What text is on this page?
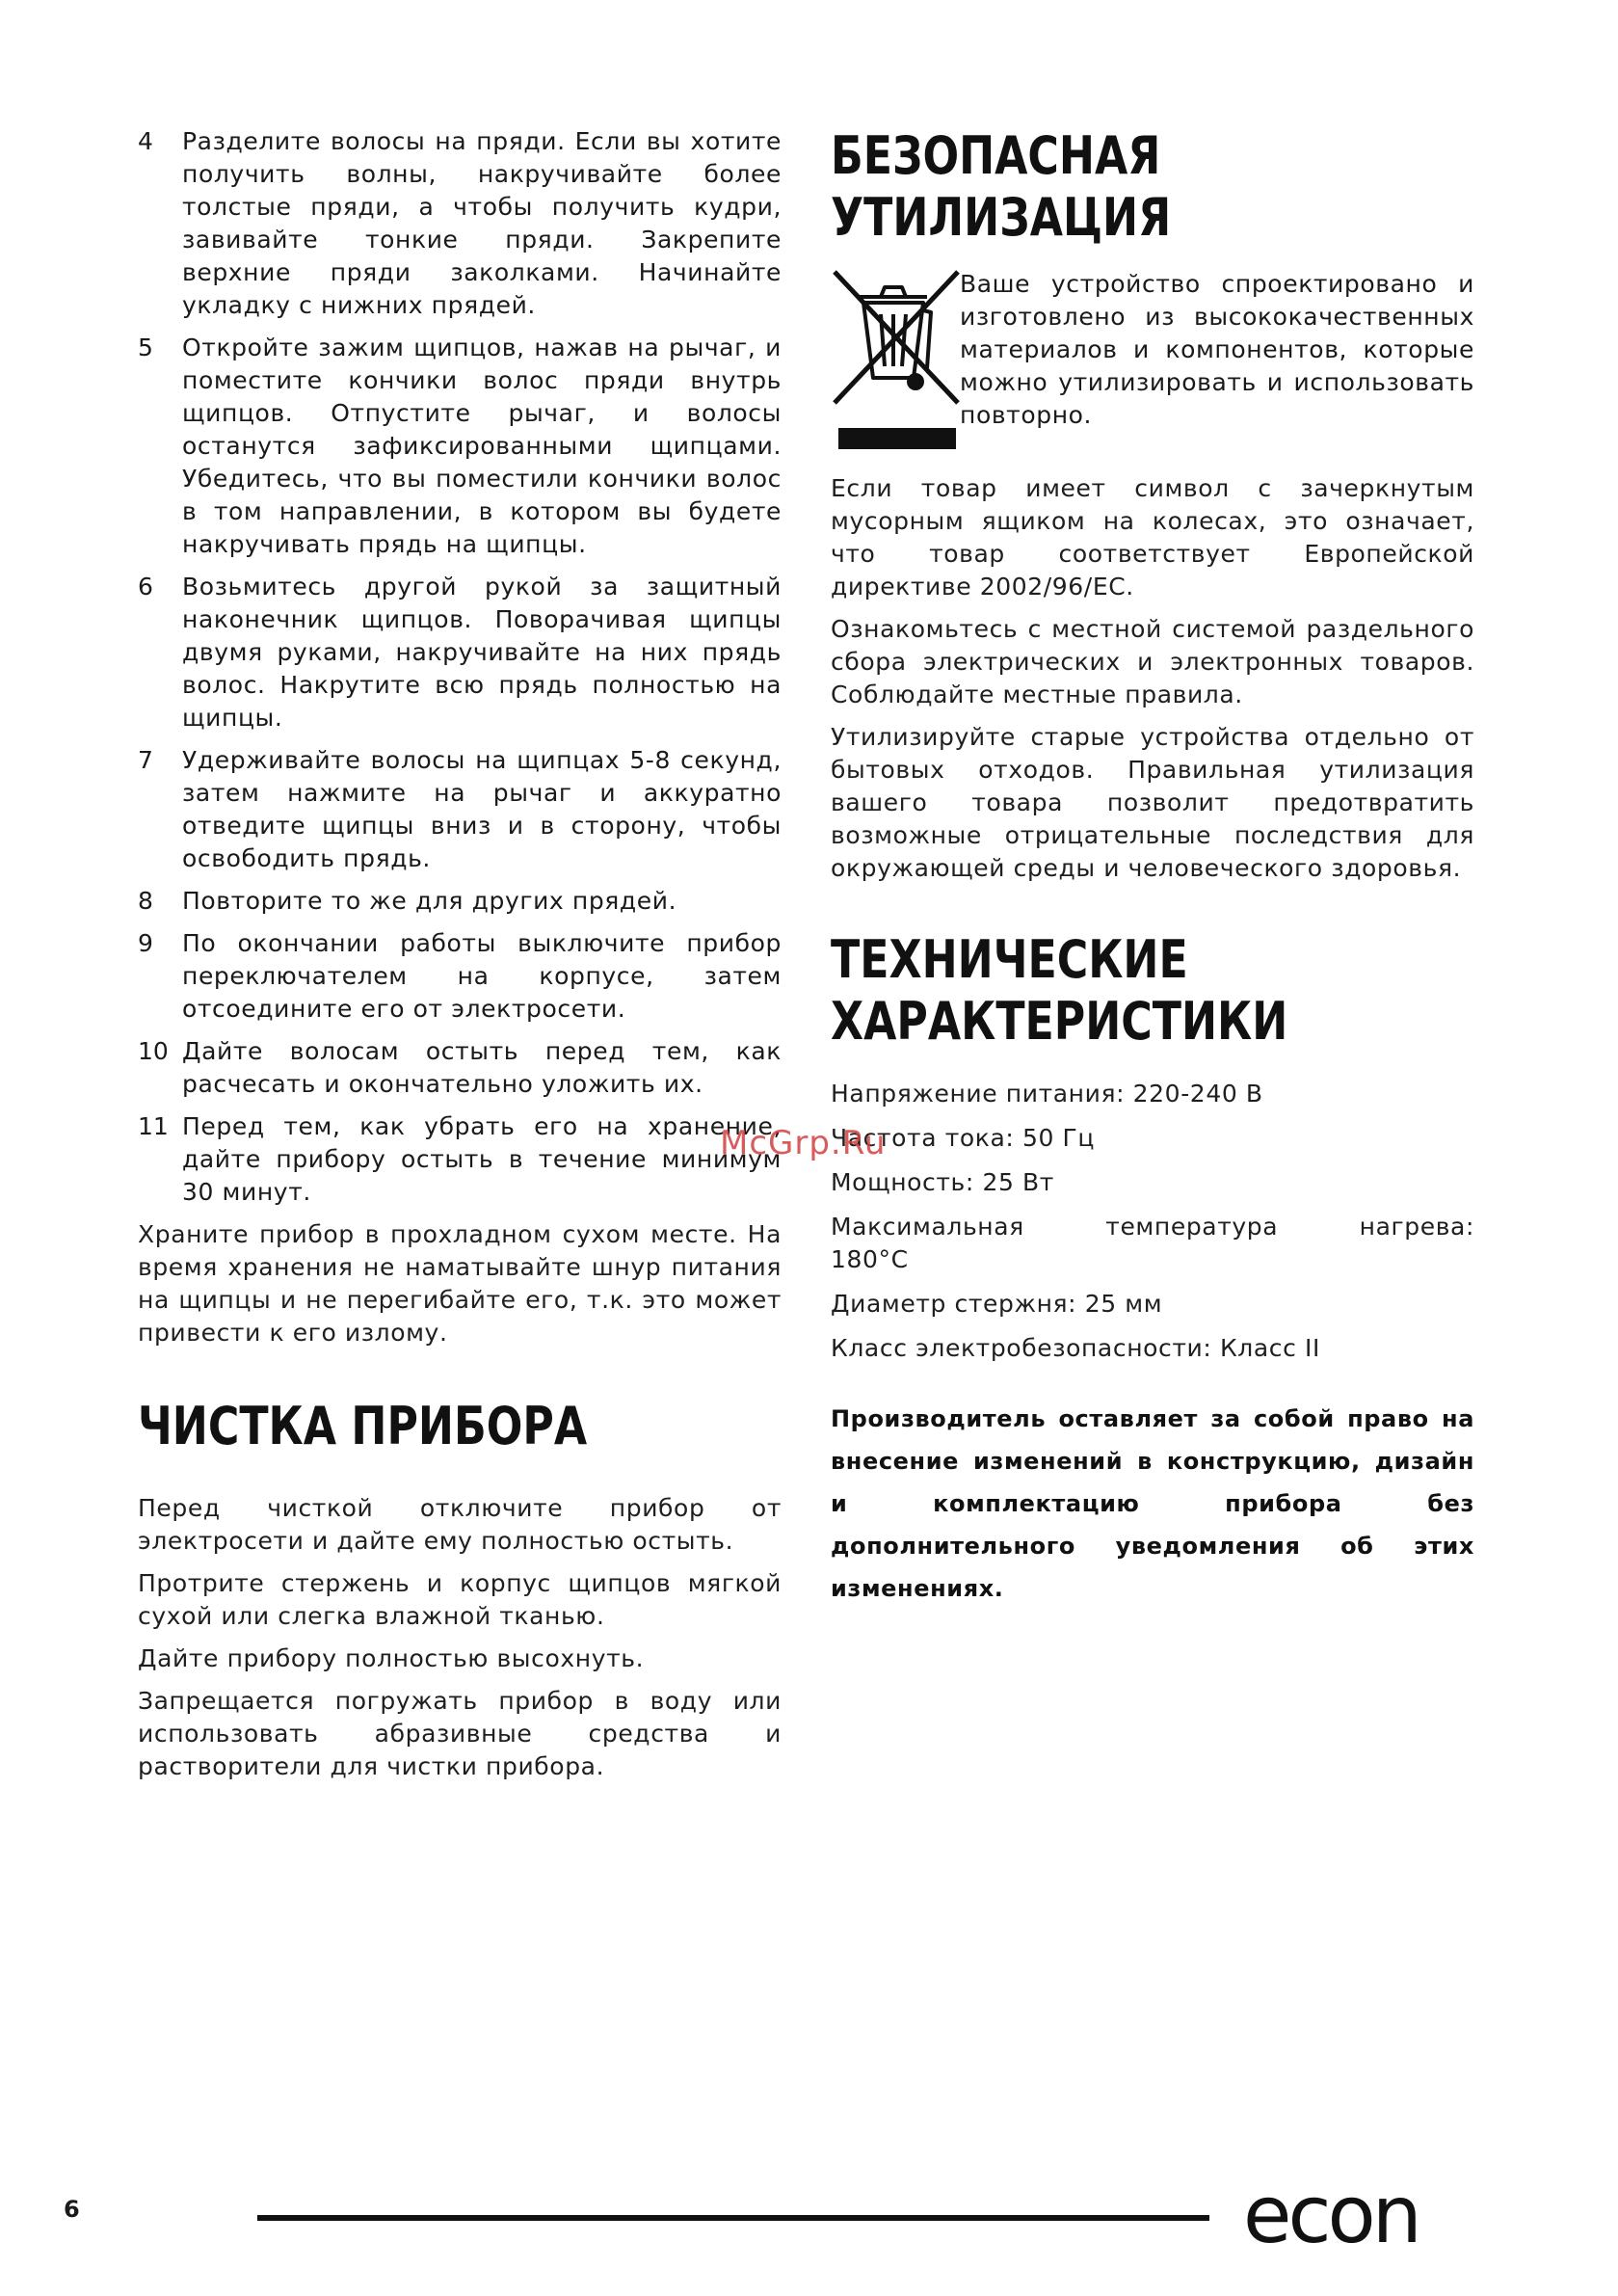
4 Разделите волосы на пряди. Если вы хотите получить волны, накручивайте более толстые пряди, а чтобы получить кудри, завивайте тонкие пряди. Закрепите верхние пряди заколками. Начинайте укладку с нижних прядей.
5 Откройте зажим щипцов, нажав на рычаг, и поместите кончики волос пряди внутрь щипцов. Отпустите рычаг, и волосы останутся зафиксированными щипцами. Убедитесь, что вы поместили кончики волос в том направлении, в котором вы будете накручивать прядь на щипцы.
6 Возьмитесь другой рукой за защитный наконечник щипцов. Поворачивая щипцы двумя руками, накручивайте на них прядь волос. Накрутите всю прядь полностью на щипцы.
7 Удерживайте волосы на щипцах 5-8 секунд, затем нажмите на рычаг и аккуратно отведите щипцы вниз и в сторону, чтобы освободить прядь.
8 Повторите то же для других прядей.
9 По окончании работы выключите прибор переключателем на корпусе, затем отсоедините его от электросети.
10 Дайте волосам остыть перед тем, как расчесать и окончательно уложить их.
11 Перед тем, как убрать его на хранение, дайте прибору остыть в течение минимум 30 минут.

Храните прибор в прохладном сухом месте. На время хранения не наматывайте шнур питания на щипцы и не перегибайте его, т.к. это может привести к его излому.

ЧИСТКА ПРИБОРА

Перед чисткой отключите прибор от электросети и дайте ему полностью остыть.

Протрите стержень и корпус щипцов мягкой сухой или слегка влажной тканью.

Дайте прибору полностью высохнуть.

Запрещается погружать прибор в воду или использовать абразивные средства и растворители для чистки прибора.

БЕЗОПАСНАЯ
УТИЛИЗАЦИЯ
Ваше устройство спроектировано и изготовлено из высококачественных материалов и компонентов, которые можно утилизировать и использовать повторно.

Если товар имеет символ с зачеркнутым мусорным ящиком на колесах, это означает, что товар соответствует Европейской директиве 2002/96/EC.

Ознакомьтесь с местной системой раздельного сбора электрических и электронных товаров. Соблюдайте местные правила.

Утилизируйте старые устройства отдельно от бытовых отходов. Правильная утилизация вашего товара позволит предотвратить возможные отрицательные последствия для окружающей среды и человеческого здоровья.

ТЕХНИЧЕСКИЕ
ХАРАКТЕРИСТИКИ

Напряжение питания: 220-240 В

Частота тока: 50 Гц

Мощность: 25 Вт

Максимальная температура нагрева:

180°C

Диаметр стержня: 25 мм

Класс электробезопасности: Класс II

Производитель оставляет за собой право на внесение изменений в конструкцию, дизайн и комплектацию прибора без дополнительного уведомления об этих изменениях.

McGrp.Ru
6	econ
